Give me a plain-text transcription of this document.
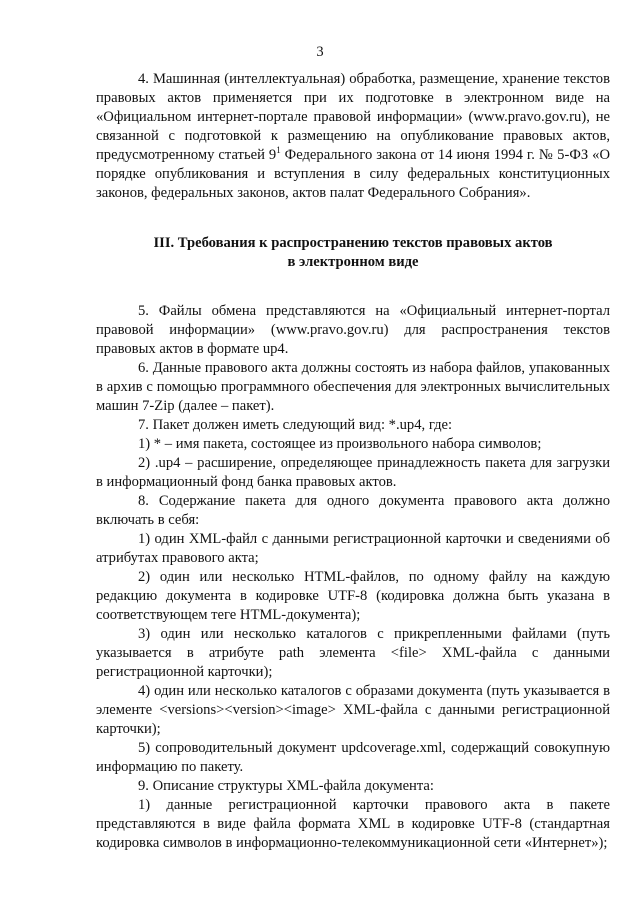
3

4. Машинная (интеллектуальная) обработка, размещение, хранение текстов правовых актов применяется при их подготовке в электронном виде на «Официальном интернет-портале правовой информации» (www.pravo.gov.ru), не связанной с подготовкой к размещению на опубликование правовых актов, предусмотренному статьей $9^1$ Федерального закона от 14 июня 1994 г. № 5-ФЗ «О порядке опубликования и вступления в силу федеральных конституционных законов, федеральных законов, актов палат Федерального Собрания».

III. Требования к распространению текстов правовых актов

в электронном виде

5. Файлы обмена представляются на «Официальный интернет-портал правовой информации» (www.pravo.gov.ru) для распространения текстов правовых актов в формате up4.

6. Данные правового акта должны состоять из набора файлов, упакованных в архив с помощью программного обеспечения для электронных вычислительных машин 7-Zip (далее – пакет).

7. Пакет должен иметь следующий вид: *.up4, где:

1) * – имя пакета, состоящее из произвольного набора символов;

2) .up4 – расширение, определяющее принадлежность пакета для загрузки в информационный фонд банка правовых актов.

8. Содержание пакета для одного документа правового акта должно включать в себя:

1) один XML-файл с данными регистрационной карточки и сведениями об атрибутах правового акта;

2) один или несколько HTML-файлов, по одному файлу на каждую редакцию документа в кодировке UTF-8 (кодировка должна быть указана в соответствующем теге HTML-документа);

3) один или несколько каталогов с прикрепленными файлами (путь указывается в атрибуте path элемента <file> XML-файла с данными регистрационной карточки);

4) один или несколько каталогов с образами документа (путь указывается в элементе <versions><version><image> XML-файла с данными регистрационной карточки);

5) сопроводительный документ updcoverage.xml, содержащий совокупную информацию по пакету.

9. Описание структуры XML-файла документа:

1) данные регистрационной карточки правового акта в пакете представляются в виде файла формата XML в кодировке UTF-8 (стандартная кодировка символов в информационно-телекоммуникационной сети «Интернет»);
